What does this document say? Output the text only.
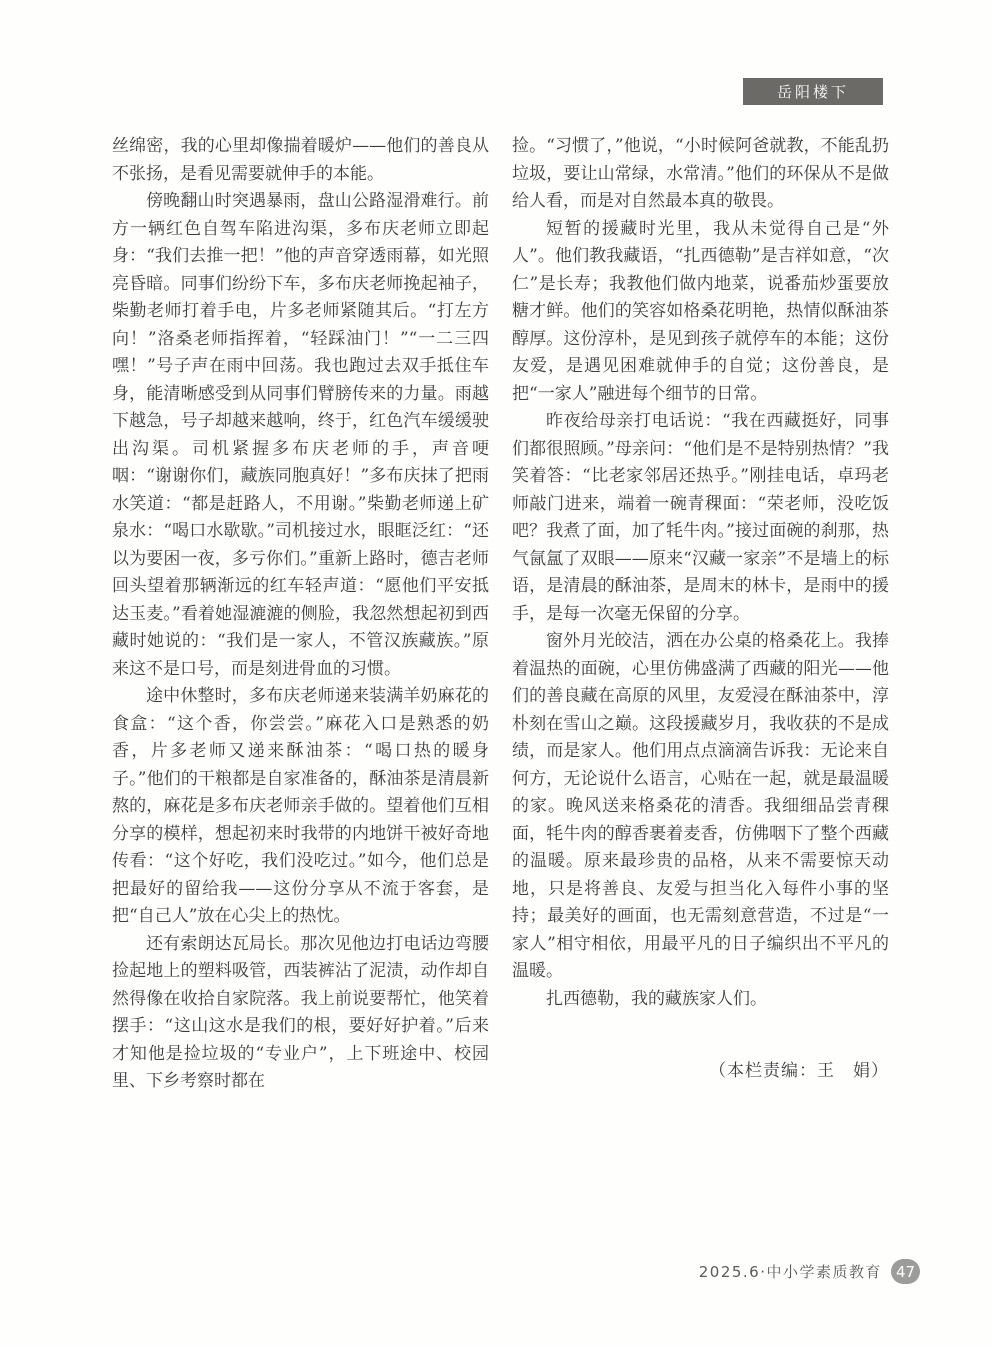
岳阳楼下

丝绵密，我的心里却像揣着暖炉——他们的善良从不张扬，是看见需要就伸手的本能。

傍晚翻山时突遇暴雨，盘山公路湿滑难行。前方一辆红色自驾车陷进沟渠，多布庆老师立即起身：“我们去推一把！”他的声音穿透雨幕，如光照亮昏暗。同事们纷纷下车，多布庆老师挽起袖子，柴勤老师打着手电，片多老师紧随其后。“打左方向！”洛桑老师指挥着，“轻踩油门！”“一二三四嘿！”号子声在雨中回荡。我也跑过去双手抵住车身，能清晰感受到从同事们臂膀传来的力量。雨越下越急，号子却越来越响，终于，红色汽车缓缓驶出沟渠。司机紧握多布庆老师的手，声音哽咽：“谢谢你们，藏族同胞真好！”多布庆抹了把雨水笑道：“都是赶路人，不用谢。”柴勤老师递上矿泉水：“喝口水歇歇。”司机接过水，眼眶泛红：“还以为要困一夜，多亏你们。”重新上路时，德吉老师回头望着那辆渐远的红车轻声道：“愿他们平安抵达玉麦。”看着她湿漉漉的侧脸，我忽然想起初到西藏时她说的：“我们是一家人，不管汉族藏族。”原来这不是口号，而是刻进骨血的习惯。

途中休整时，多布庆老师递来装满羊奶麻花的食盒：“这个香，你尝尝。”麻花入口是熟悉的奶香，片多老师又递来酥油茶：“喝口热的暖身子。”他们的干粮都是自家准备的，酥油茶是清晨新熬的，麻花是多布庆老师亲手做的。望着他们互相分享的模样，想起初来时我带的内地饼干被好奇地传看：“这个好吃，我们没吃过。”如今，他们总是把最好的留给我——这份分享从不流于客套，是把“自己人”放在心尖上的热忱。

还有索朗达瓦局长。那次见他边打电话边弯腰捡起地上的塑料吸管，西装裤沾了泥渍，动作却自然得像在收拾自家院落。我上前说要帮忙，他笑着摆手：“这山这水是我们的根，要好好护着。”后来才知他是捡垃圾的“专业户”，上下班途中、校园里、下乡考察时都在

捡。“习惯了，”他说，“小时候阿爸就教，不能乱扔垃圾，要让山常绿，水常清。”他们的环保从不是做给人看，而是对自然最本真的敬畏。

短暂的援藏时光里，我从未觉得自己是“外人”。他们教我藏语，“扎西德勒”是吉祥如意，“次仁”是长寿；我教他们做内地菜，说番茄炒蛋要放糖才鲜。他们的笑容如格桑花明艳，热情似酥油茶醇厚。这份淳朴，是见到孩子就停车的本能；这份友爱，是遇见困难就伸手的自觉；这份善良，是把“一家人”融进每个细节的日常。

昨夜给母亲打电话说：“我在西藏挺好，同事们都很照顾。”母亲问：“他们是不是特别热情？”我笑着答：“比老家邻居还热乎。”刚挂电话，卓玛老师敲门进来，端着一碗青稞面：“荣老师，没吃饭吧？我煮了面，加了牦牛肉。”接过面碗的刹那，热气氤氲了双眼——原来“汉藏一家亲”不是墙上的标语，是清晨的酥油茶，是周末的林卡，是雨中的援手，是每一次毫无保留的分享。

窗外月光皎洁，洒在办公桌的格桑花上。我捧着温热的面碗，心里仿佛盛满了西藏的阳光——他们的善良藏在高原的风里，友爱浸在酥油茶中，淳朴刻在雪山之巅。这段援藏岁月，我收获的不是成绩，而是家人。他们用点点滴滴告诉我：无论来自何方，无论说什么语言，心贴在一起，就是最温暖的家。晚风送来格桑花的清香。我细细品尝青稞面，牦牛肉的醇香裹着麦香，仿佛咽下了整个西藏的温暖。原来最珍贵的品格，从来不需要惊天动地，只是将善良、友爱与担当化入每件小事的坚持；最美好的画面，也无需刻意营造，不过是“一家人”相守相依，用最平凡的日子编织出不平凡的温暖。

扎西德勒，我的藏族家人们。

（本栏责编：王　娟）

2025.6·中小学素质教育 47
